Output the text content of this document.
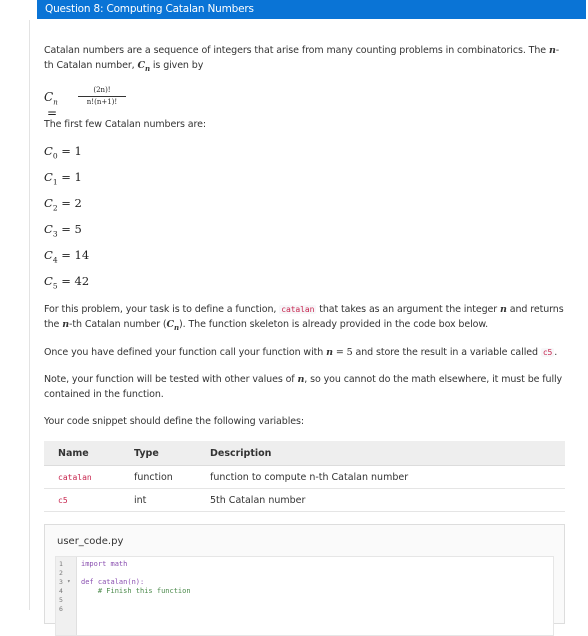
Question 8: Computing Catalan Numbers

Catalan numbers are a sequence of integers that arise from many counting problems in combinatorics. The n-

th Catalan number, $C_n$ is given by

$C_n$ =
$\frac{(2n)!}{n!(n+1)!}$

The first few Catalan numbers are:

$C_0 = 1$
$C_1 = 1$
$C_2 = 2$
$C_3 = 5$
$C_4 = 14$
$C_5 = 42$

For this problem, your task is to define a function, catalan that takes as an argument the integer n and returns

the n-th Catalan number $(C_n)$. The function skeleton is already provided in the code box below.

Once you have defined your function call your function with n = 5 and store the result in a variable called c5 .

Note, your function will be tested with other values of n, so you cannot do the math elsewhere, it must be fully

contained in the function.

Your code snippet should define the following variables:

Name	Type	Description
catalan	function	function to compute n-th Catalan number
c5	int	5th Catalan number
user_code.py
1
2
3 ▾
4
5
6
import math
def catalan(n):
# Finish this function
